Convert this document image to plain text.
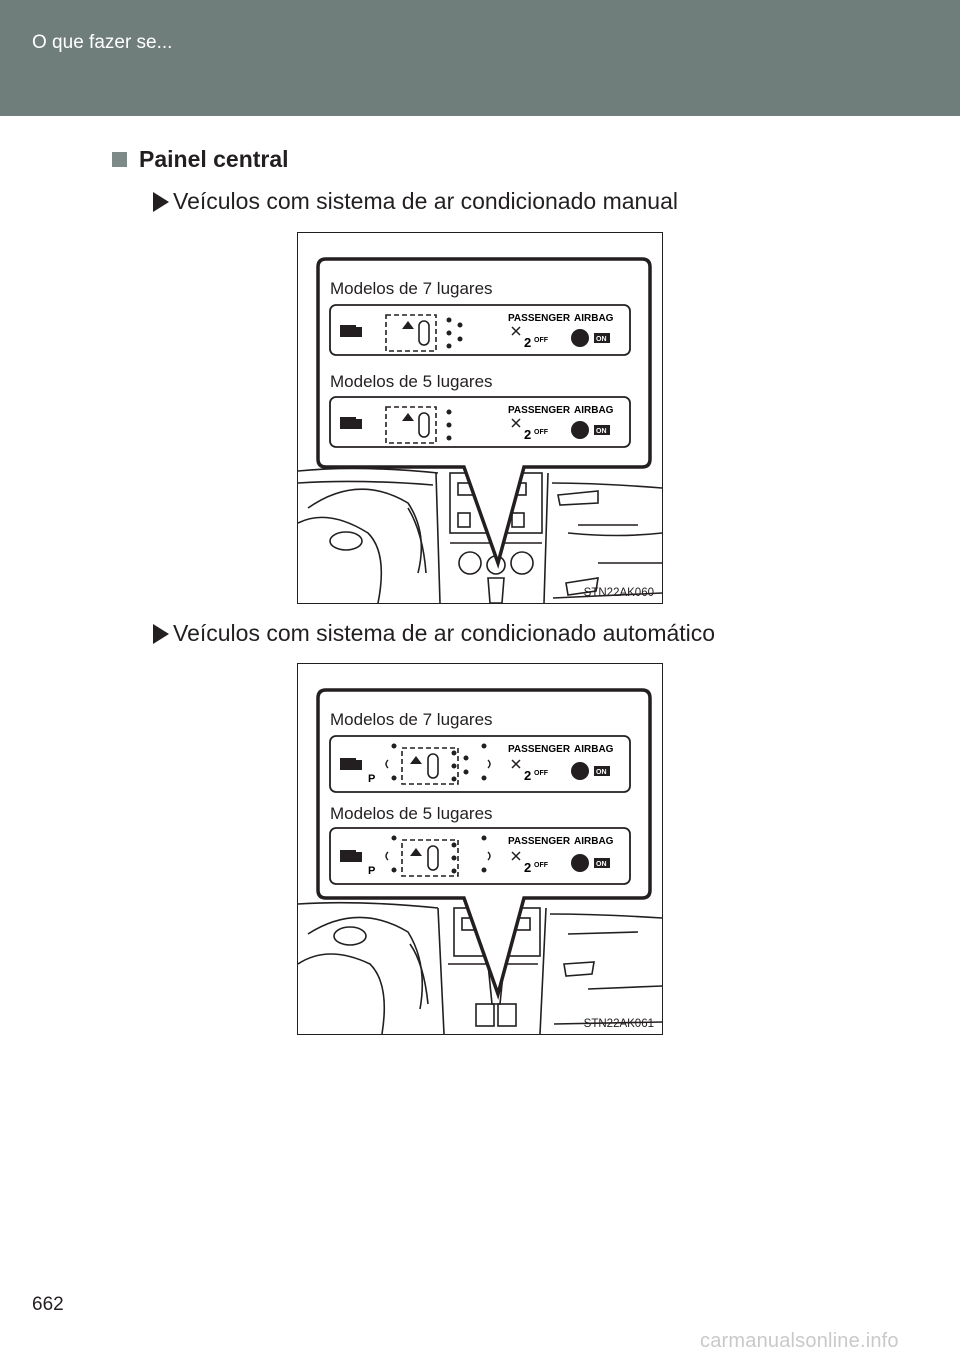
O que fazer se...
Painel central
Veículos com sistema de ar condicionado manual
PASSENGER AIRBAG
2 OFF	ON
PASSENGER AIRBAG
2 OFF	ON
Modelos de 7 lugares
Modelos de 5 lugares
STN22AK060
Veículos com sistema de ar condicionado automático
P
PASSENGER AIRBAG
2 OFF	ON
P
PASSENGER AIRBAG
2 OFF	ON
Modelos de 7 lugares
Modelos de 5 lugares
STN22AK061
662
carmanualsonline.info
